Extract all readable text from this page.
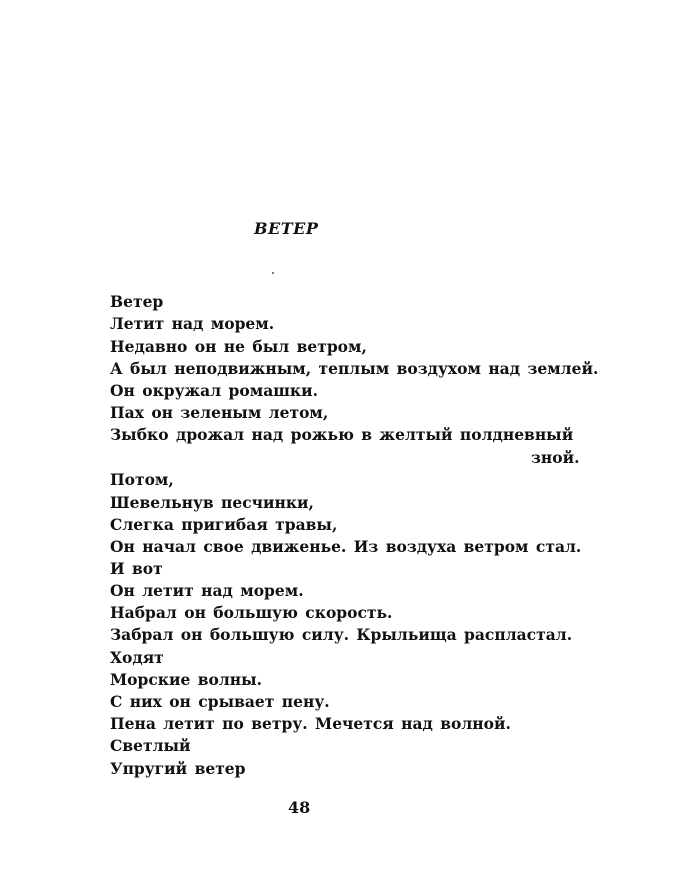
ВЕТЕР
Ветер
Летит над морем.
Недавно он не был ветром,
А был неподвижным, теплым воздухом над землей.
Он окружал ромашки.
Пах он зеленым летом,
Зыбко дрожал над рожью в желтый полдневный
зной.
Потом,
Шевельнув песчинки,
Слегка пригибая травы,
Он начал свое движенье. Из воздуха ветром стал.
И вот
Он летит над морем.
Набрал он большую скорость.
Забрал он большую силу. Крыльища распластал.
Ходят
Морские волны.
С них он срывает пену.
Пена летит по ветру. Мечется над волной.
Светлый
Упругий ветер
48
